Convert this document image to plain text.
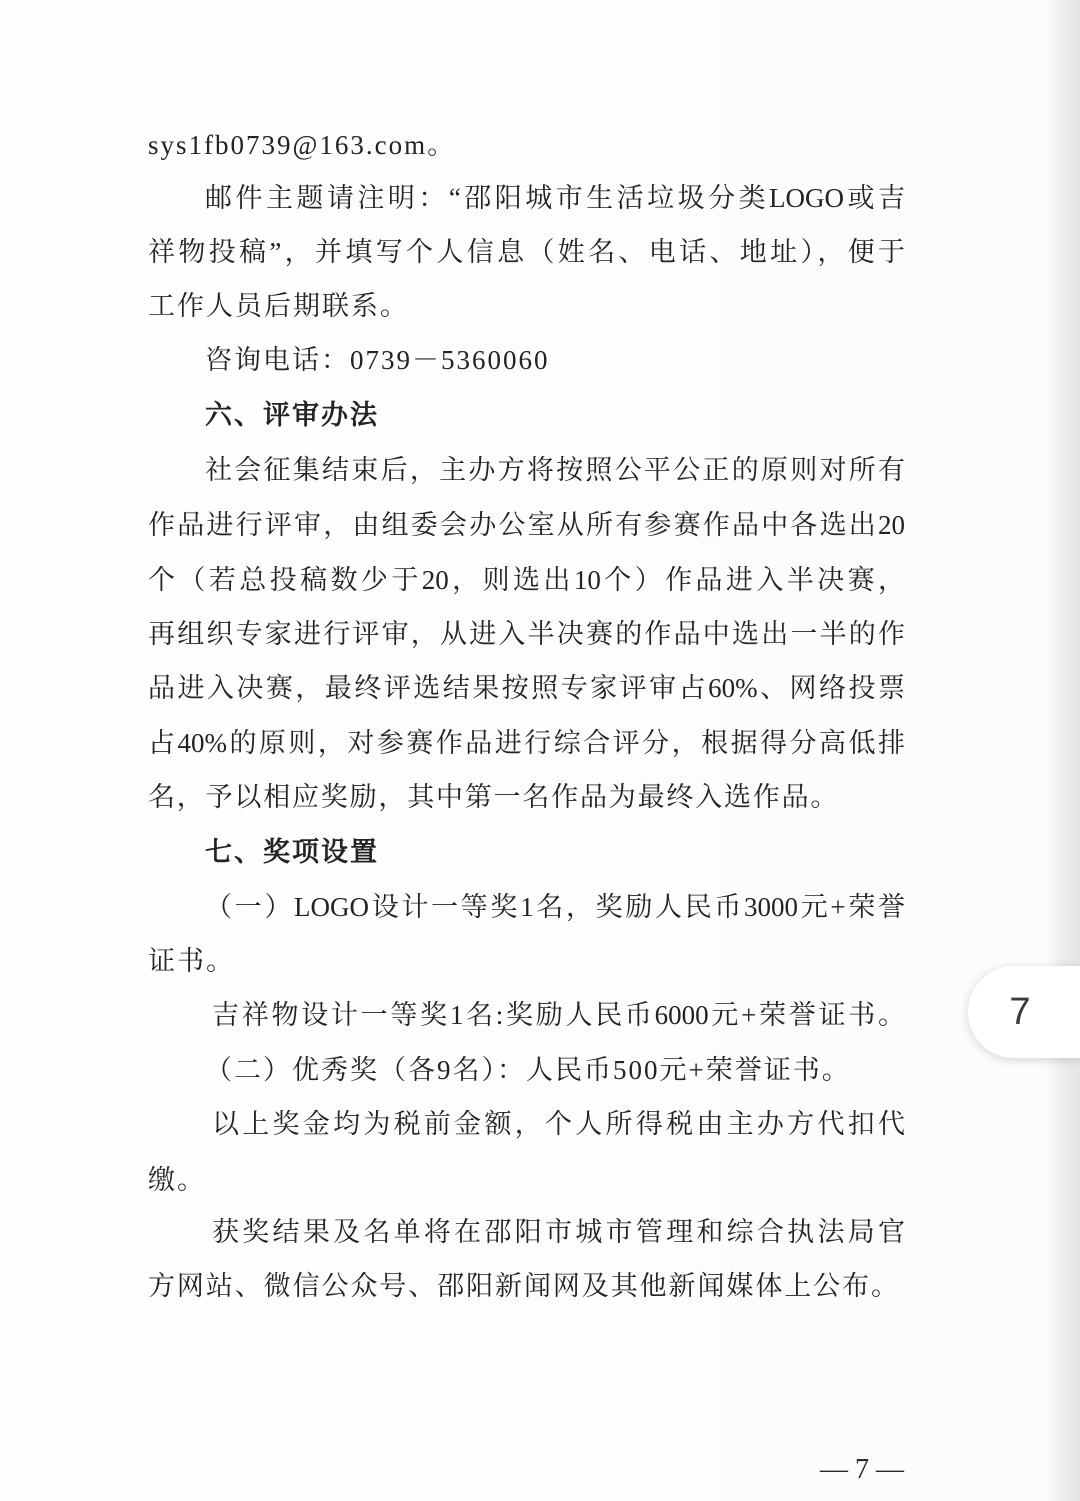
sys1fb0739@163.com。
邮件主题请注明：“邵阳城市生活垃圾分类LOGO或吉
祥物投稿”，并填写个人信息（姓名、电话、地址），便于
工作人员后期联系。
咨询电话：0739－5360060
六、评审办法
社会征集结束后，主办方将按照公平公正的原则对所有
作品进行评审，由组委会办公室从所有参赛作品中各选出20
个（若总投稿数少于20，则选出10个）作品进入半决赛，
再组织专家进行评审，从进入半决赛的作品中选出一半的作
品进入决赛，最终评选结果按照专家评审占60%、网络投票
占40%的原则，对参赛作品进行综合评分，根据得分高低排
名，予以相应奖励，其中第一名作品为最终入选作品。
七、奖项设置
（一）LOGO设计一等奖1名，奖励人民币3000元+荣誉
证书。
吉祥物设计一等奖1名:奖励人民币6000元+荣誉证书。
（二）优秀奖（各9名）：人民币500元+荣誉证书。
以上奖金均为税前金额，个人所得税由主办方代扣代
缴。
获奖结果及名单将在邵阳市城市管理和综合执法局官
方网站、微信公众号、邵阳新闻网及其他新闻媒体上公布。
— 7 —
7
